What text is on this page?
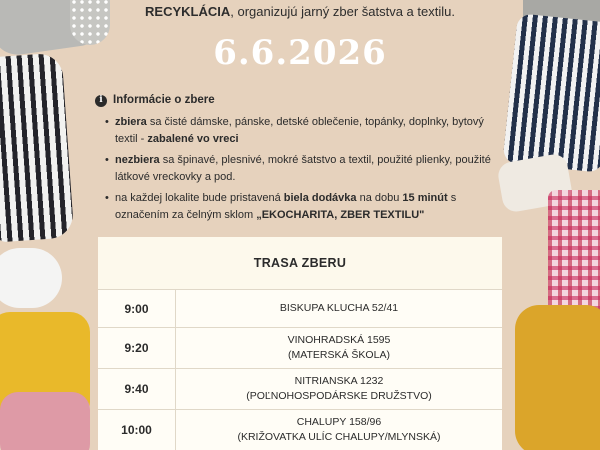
RECYKLÁCIA, organizujú jarný zber šatstva a textilu.
6.6.2026
i Informácie o zbere
• zbiera sa čisté dámske, pánske, detské oblečenie, topánky, doplnky, bytový textil - zabalené vo vreci
• nezbiera sa špinavé, plesnivé, mokré šatstvo a textil, použité plienky, použité látkové vreckovky a pod.
• na každej lokalite bude pristavená biela dodávka na dobu 15 minút s označením za čelným sklom „EKOCHARITA, ZBER TEXTILU"
TRASA ZBERU
9:00	BISKUPA KLUCHA 52/41
9:20
VINOHRADSKÁ 1595
(MATERSKÁ ŠKOLA)
9:40
NITRIANSKA 1232
(POĽNOHOSPODÁRSKE DRUŽSTVO)
10:00
CHALUPY 158/96
(KRIŽOVATKA ULÍC CHALUPY/MLYNSKÁ)
